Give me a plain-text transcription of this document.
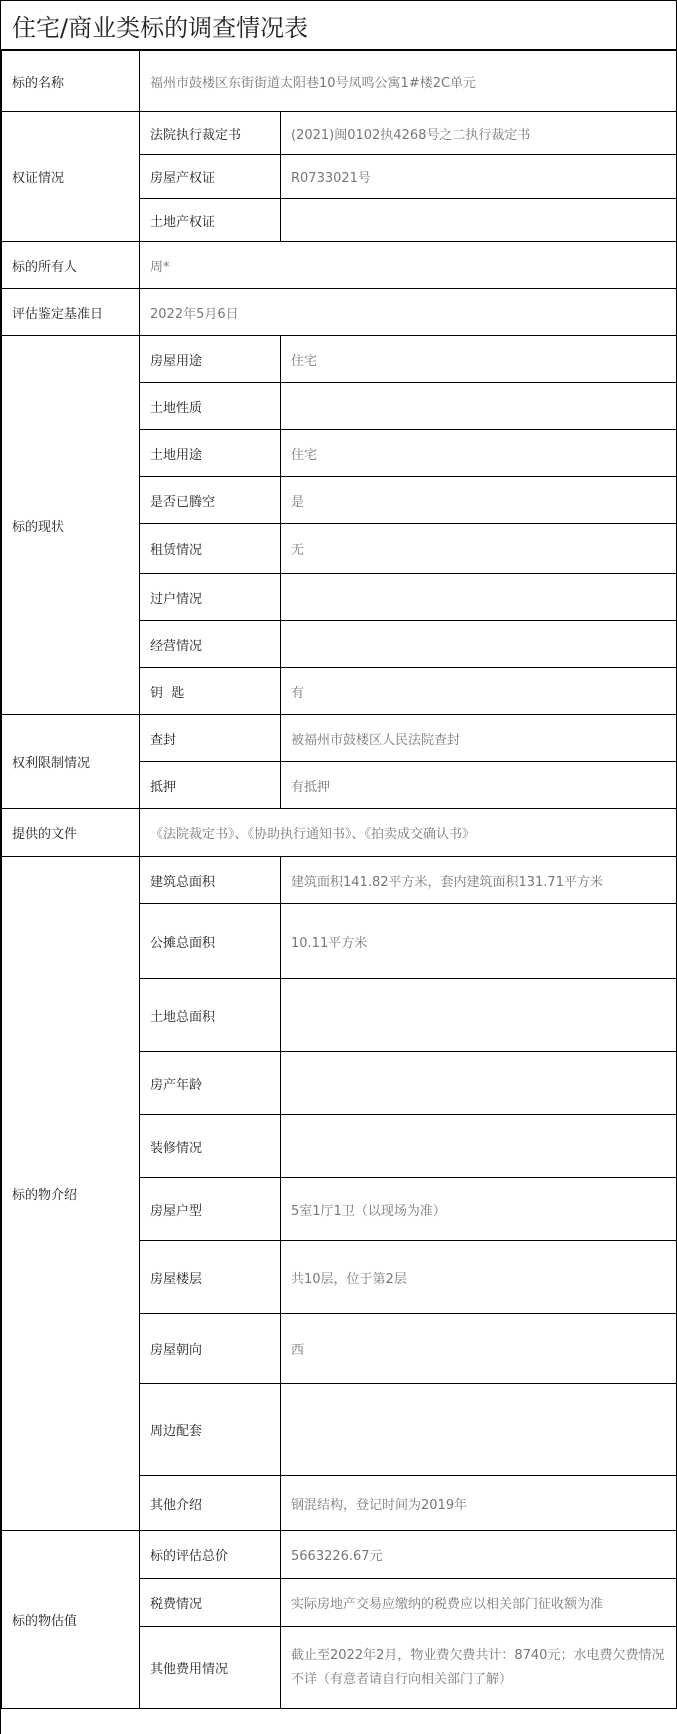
住宅/商业类标的调查情况表
标的名称	福州市鼓楼区东街街道太阳巷10号凤鸣公寓1#楼2C单元	
权证情况	法院执行裁定书	(2021)闽0102执4268号之二执行裁定书
	房屋产权证	R0733021号
	土地产权证	
标的所有人	周*	
评估鉴定基准日	2022年5月6日	
标的现状	房屋用途	住宅
	土地性质	
	土地用途	住宅
	是否已腾空	是
	租赁情况	无
	过户情况	
	经营情况	
	钥  匙	有
权利限制情况	查封	被福州市鼓楼区人民法院查封
	抵押	有抵押
提供的文件	《法院裁定书》、《协助执行通知书》、《拍卖成交确认书》	
标的物介绍	建筑总面积	建筑面积141.82平方米，套内建筑面积131.71平方米
	公摊总面积	10.11平方米
	土地总面积	
	房产年龄	
	装修情况	
	房屋户型	5室1厅1卫（以现场为准）
	房屋楼层	共10层，位于第2层
	房屋朝向	西
	周边配套	
	其他介绍	钢混结构，登记时间为2019年
标的物估值	标的评估总价	5663226.67元
	税费情况	实际房地产交易应缴纳的税费应以相关部门征收额为准
	其他费用情况	截止至2022年2月，物业费欠费共计：8740元；水电费欠费情况不详（有意者请自行向相关部门了解）
